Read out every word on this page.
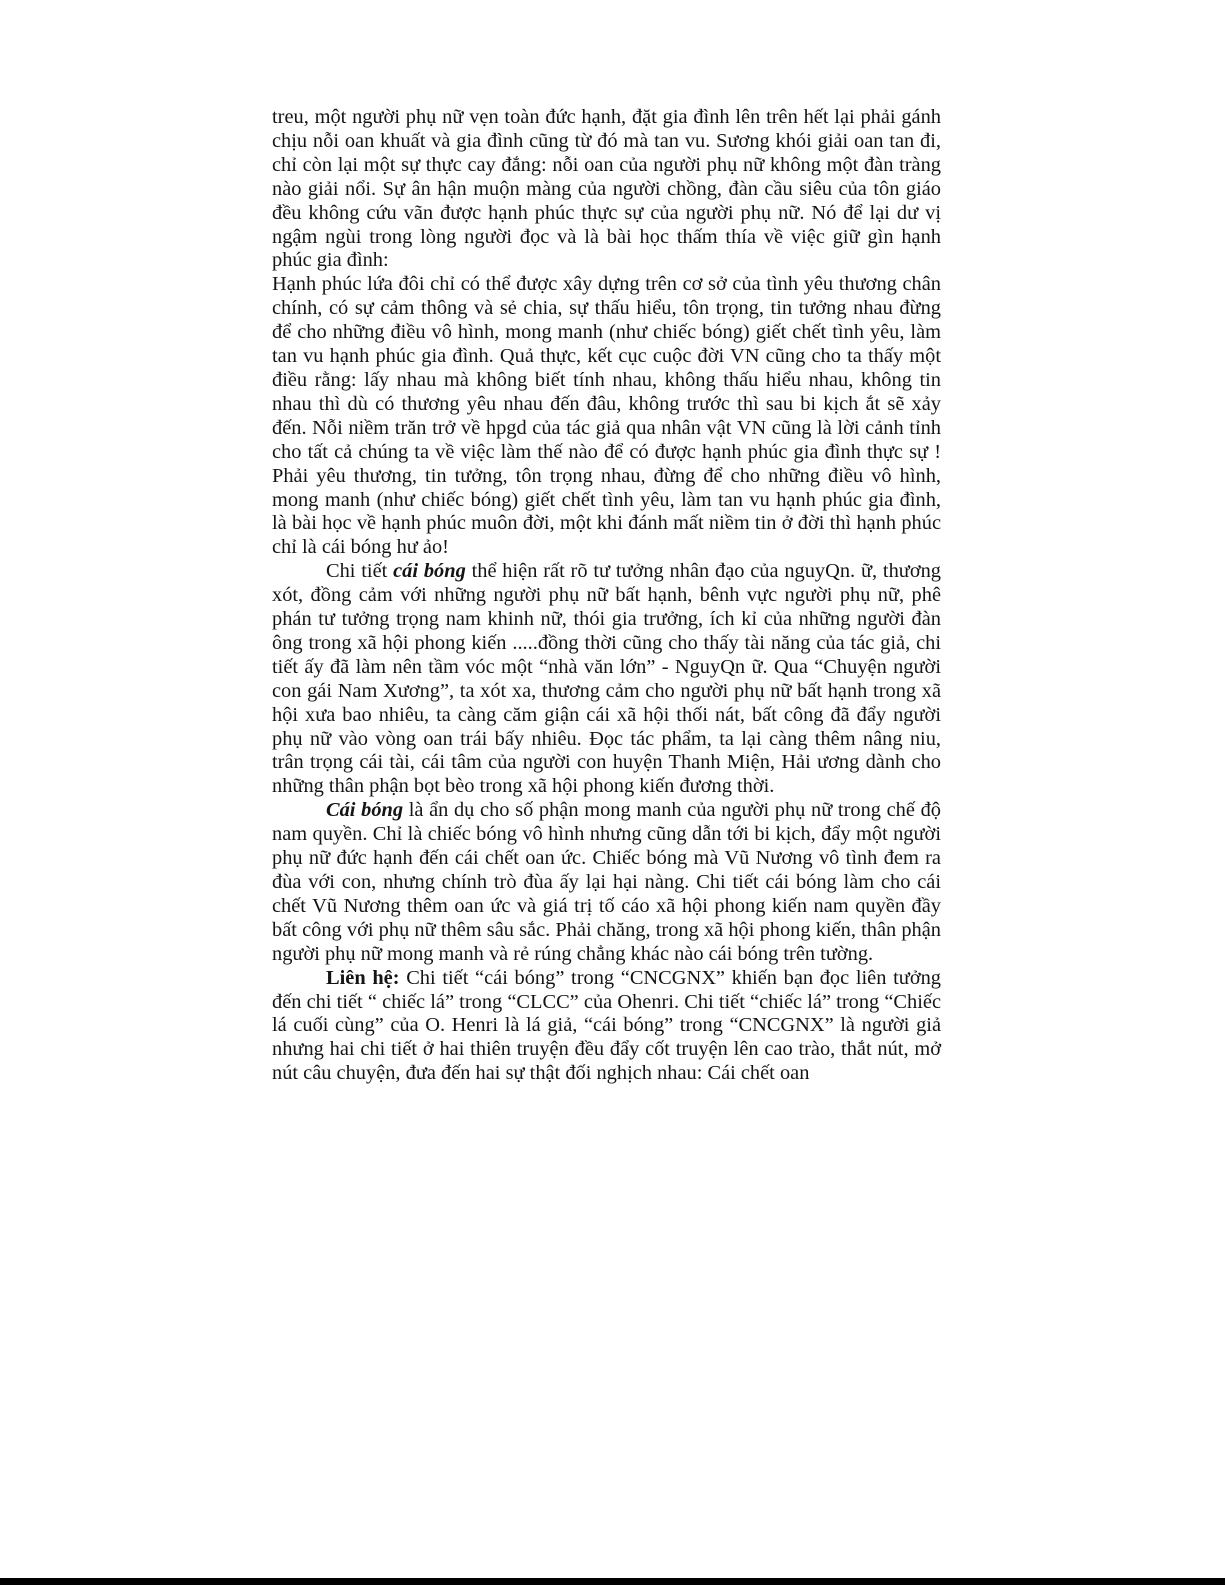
treu, một người phụ nữ vẹn toàn đức hạnh, đặt gia đình lên trên hết lại phải gánh chịu nỗi oan khuất và gia đình cũng từ đó mà tan vu. Sương khói giải oan tan đi, chỉ còn lại một sự thực cay đắng: nỗi oan của người phụ nữ không một đàn tràng nào giải nổi. Sự ân hận muộn màng của người chồng, đàn cầu siêu của tôn giáo đều không cứu vãn được hạnh phúc thực sự của người phụ nữ. Nó để lại dư vị ngậm ngùi trong lòng người đọc và là bài học thấm thía về việc giữ gìn hạnh phúc gia đình:

Hạnh phúc lứa đôi chỉ có thể được xây dựng trên cơ sở của tình yêu thương chân chính, có sự cảm thông và sẻ chia, sự thấu hiểu, tôn trọng, tin tưởng nhau đừng để cho những điều vô hình, mong manh (như chiếc bóng) giết chết tình yêu, làm tan vu hạnh phúc gia đình. Quả thực, kết cục cuộc đời VN cũng cho ta thấy một điều rằng: lấy nhau mà không biết tính nhau, không thấu hiểu nhau, không tin nhau thì dù có thương yêu nhau đến đâu, không trước thì sau bi kịch ắt sẽ xảy đến. Nỗi niềm trăn trở về hpgd của tác giả qua nhân vật VN cũng là lời cảnh tỉnh cho tất cả chúng ta về việc làm thế nào để có được hạnh phúc gia đình thực sự ! Phải yêu thương, tin tưởng, tôn trọng nhau, đừng để cho những điều vô hình, mong manh (như chiếc bóng) giết chết tình yêu, làm tan vu hạnh phúc gia đình, là bài học về hạnh phúc muôn đời, một khi đánh mất niềm tin ở đời thì hạnh phúc chỉ là cái bóng hư ảo!

Chi tiết cái bóng thể hiện rất rõ tư tưởng nhân đạo của nguyQn. ữ, thương xót, đồng cảm với những người phụ nữ bất hạnh, bênh vực người phụ nữ, phê phán tư tưởng trọng nam khinh nữ, thói gia trưởng, ích kỉ của những người đàn ông trong xã hội phong kiến .....đồng thời cũng cho thấy tài năng của tác giả, chi tiết ấy đã làm nên tầm vóc một “nhà văn lớn” - NguyQn ữ. Qua “Chuyện người con gái Nam Xương”, ta xót xa, thương cảm cho người phụ nữ bất hạnh trong xã hội xưa bao nhiêu, ta càng căm giận cái xã hội thối nát, bất công đã đẩy người phụ nữ vào vòng oan trái bấy nhiêu. Đọc tác phẩm, ta lại càng thêm nâng niu, trân trọng cái tài, cái tâm của người con huyện Thanh Miện, Hải ương dành cho những thân phận bọt bèo trong xã hội phong kiến đương thời.

Cái bóng là ẩn dụ cho số phận mong manh của người phụ nữ trong chế độ nam quyền. Chỉ là chiếc bóng vô hình nhưng cũng dẫn tới bi kịch, đẩy một người phụ nữ đức hạnh đến cái chết oan ức. Chiếc bóng mà Vũ Nương vô tình đem ra đùa với con, nhưng chính trò đùa ấy lại hại nàng. Chi tiết cái bóng làm cho cái chết Vũ Nương thêm oan ức và giá trị tố cáo xã hội phong kiến nam quyền đầy bất công với phụ nữ thêm sâu sắc. Phải chăng, trong xã hội phong kiến, thân phận người phụ nữ mong manh và rẻ rúng chẳng khác nào cái bóng trên tường.

Liên hệ: Chi tiết “cái bóng” trong “CNCGNX” khiến bạn đọc liên tưởng đến chi tiết “ chiếc lá” trong “CLCC” của Ohenri. Chi tiết “chiếc lá” trong “Chiếc lá cuối cùng” của O. Henri là lá giả, “cái bóng” trong “CNCGNX” là người giả nhưng hai chi tiết ở hai thiên truyện đều đẩy cốt truyện lên cao trào, thắt nút, mở nút câu chuyện, đưa đến hai sự thật đối nghịch nhau: Cái chết oan
